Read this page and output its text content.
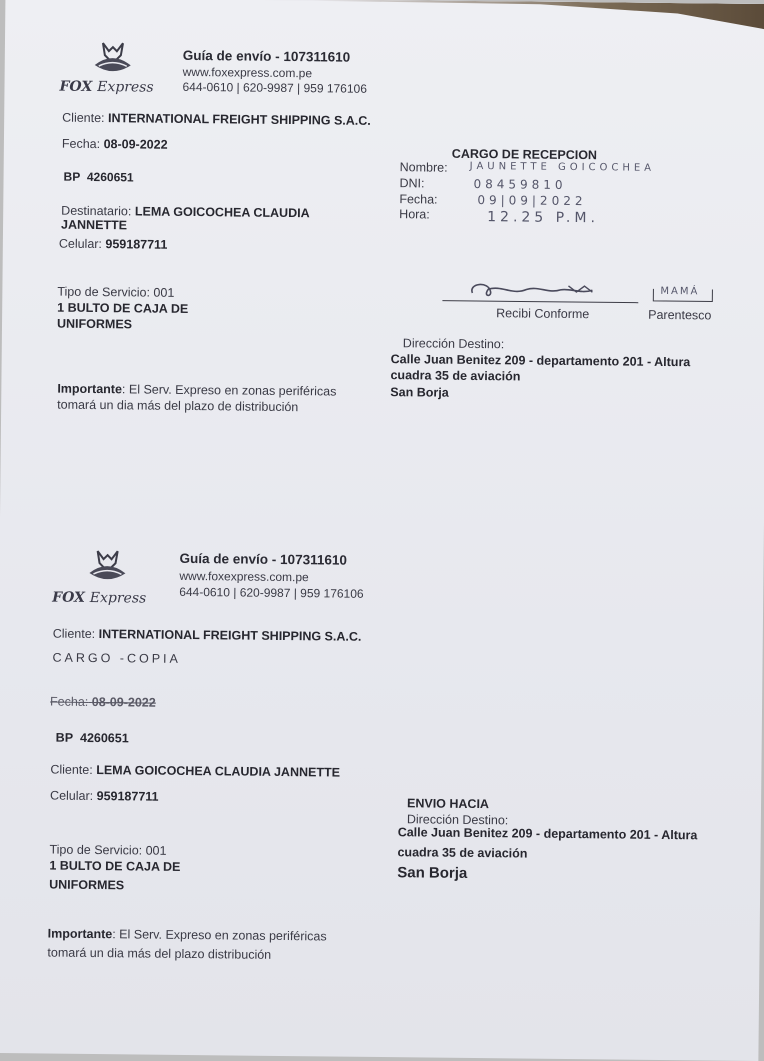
FOX Express
Guía de envío - 107311610
www.foxexpress.com.pe
644-0610 | 620-9987 | 959 176106
Cliente: INTERNATIONAL FREIGHT SHIPPING S.A.C.
Fecha: 08-09-2022
BP 4260651
Destinatario: LEMA GOICOCHEA CLAUDIA
JANNETTE
Celular: 959187711
Tipo de Servicio: 001
1 BULTO DE CAJA DE
UNIFORMES
Importante: El Serv. Expreso en zonas periféricas
tomará un dia más del plazo de distribución
CARGO DE RECEPCION
Nombre: JAUNETTE GOICOCHEA
DNI:	08459810
Fecha:	09|09|2022
Hora:	12.25 P.M.
MAMÁ
Recibi Conforme	Parentesco
Dirección Destino:
Calle Juan Benitez 209 - departamento 201 - Altura
cuadra 35 de aviación
San Borja
FOX Express
Guía de envío - 107311610
www.foxexpress.com.pe
644-0610 | 620-9987 | 959 176106
Cliente: INTERNATIONAL FREIGHT SHIPPING S.A.C.
CARGO -COPIA
Fecha: 08-09-2022
BP 4260651
Cliente: LEMA GOICOCHEA CLAUDIA JANNETTE
Celular: 959187711	ENVIO HACIA
Dirección Destino:
Calle Juan Benitez 209 - departamento 201 - Altura
cuadra 35 de aviación
San Borja
Tipo de Servicio: 001
1 BULTO DE CAJA DE
UNIFORMES
Importante: El Serv. Expreso en zonas periféricas
tomará un dia más del plazo distribución
